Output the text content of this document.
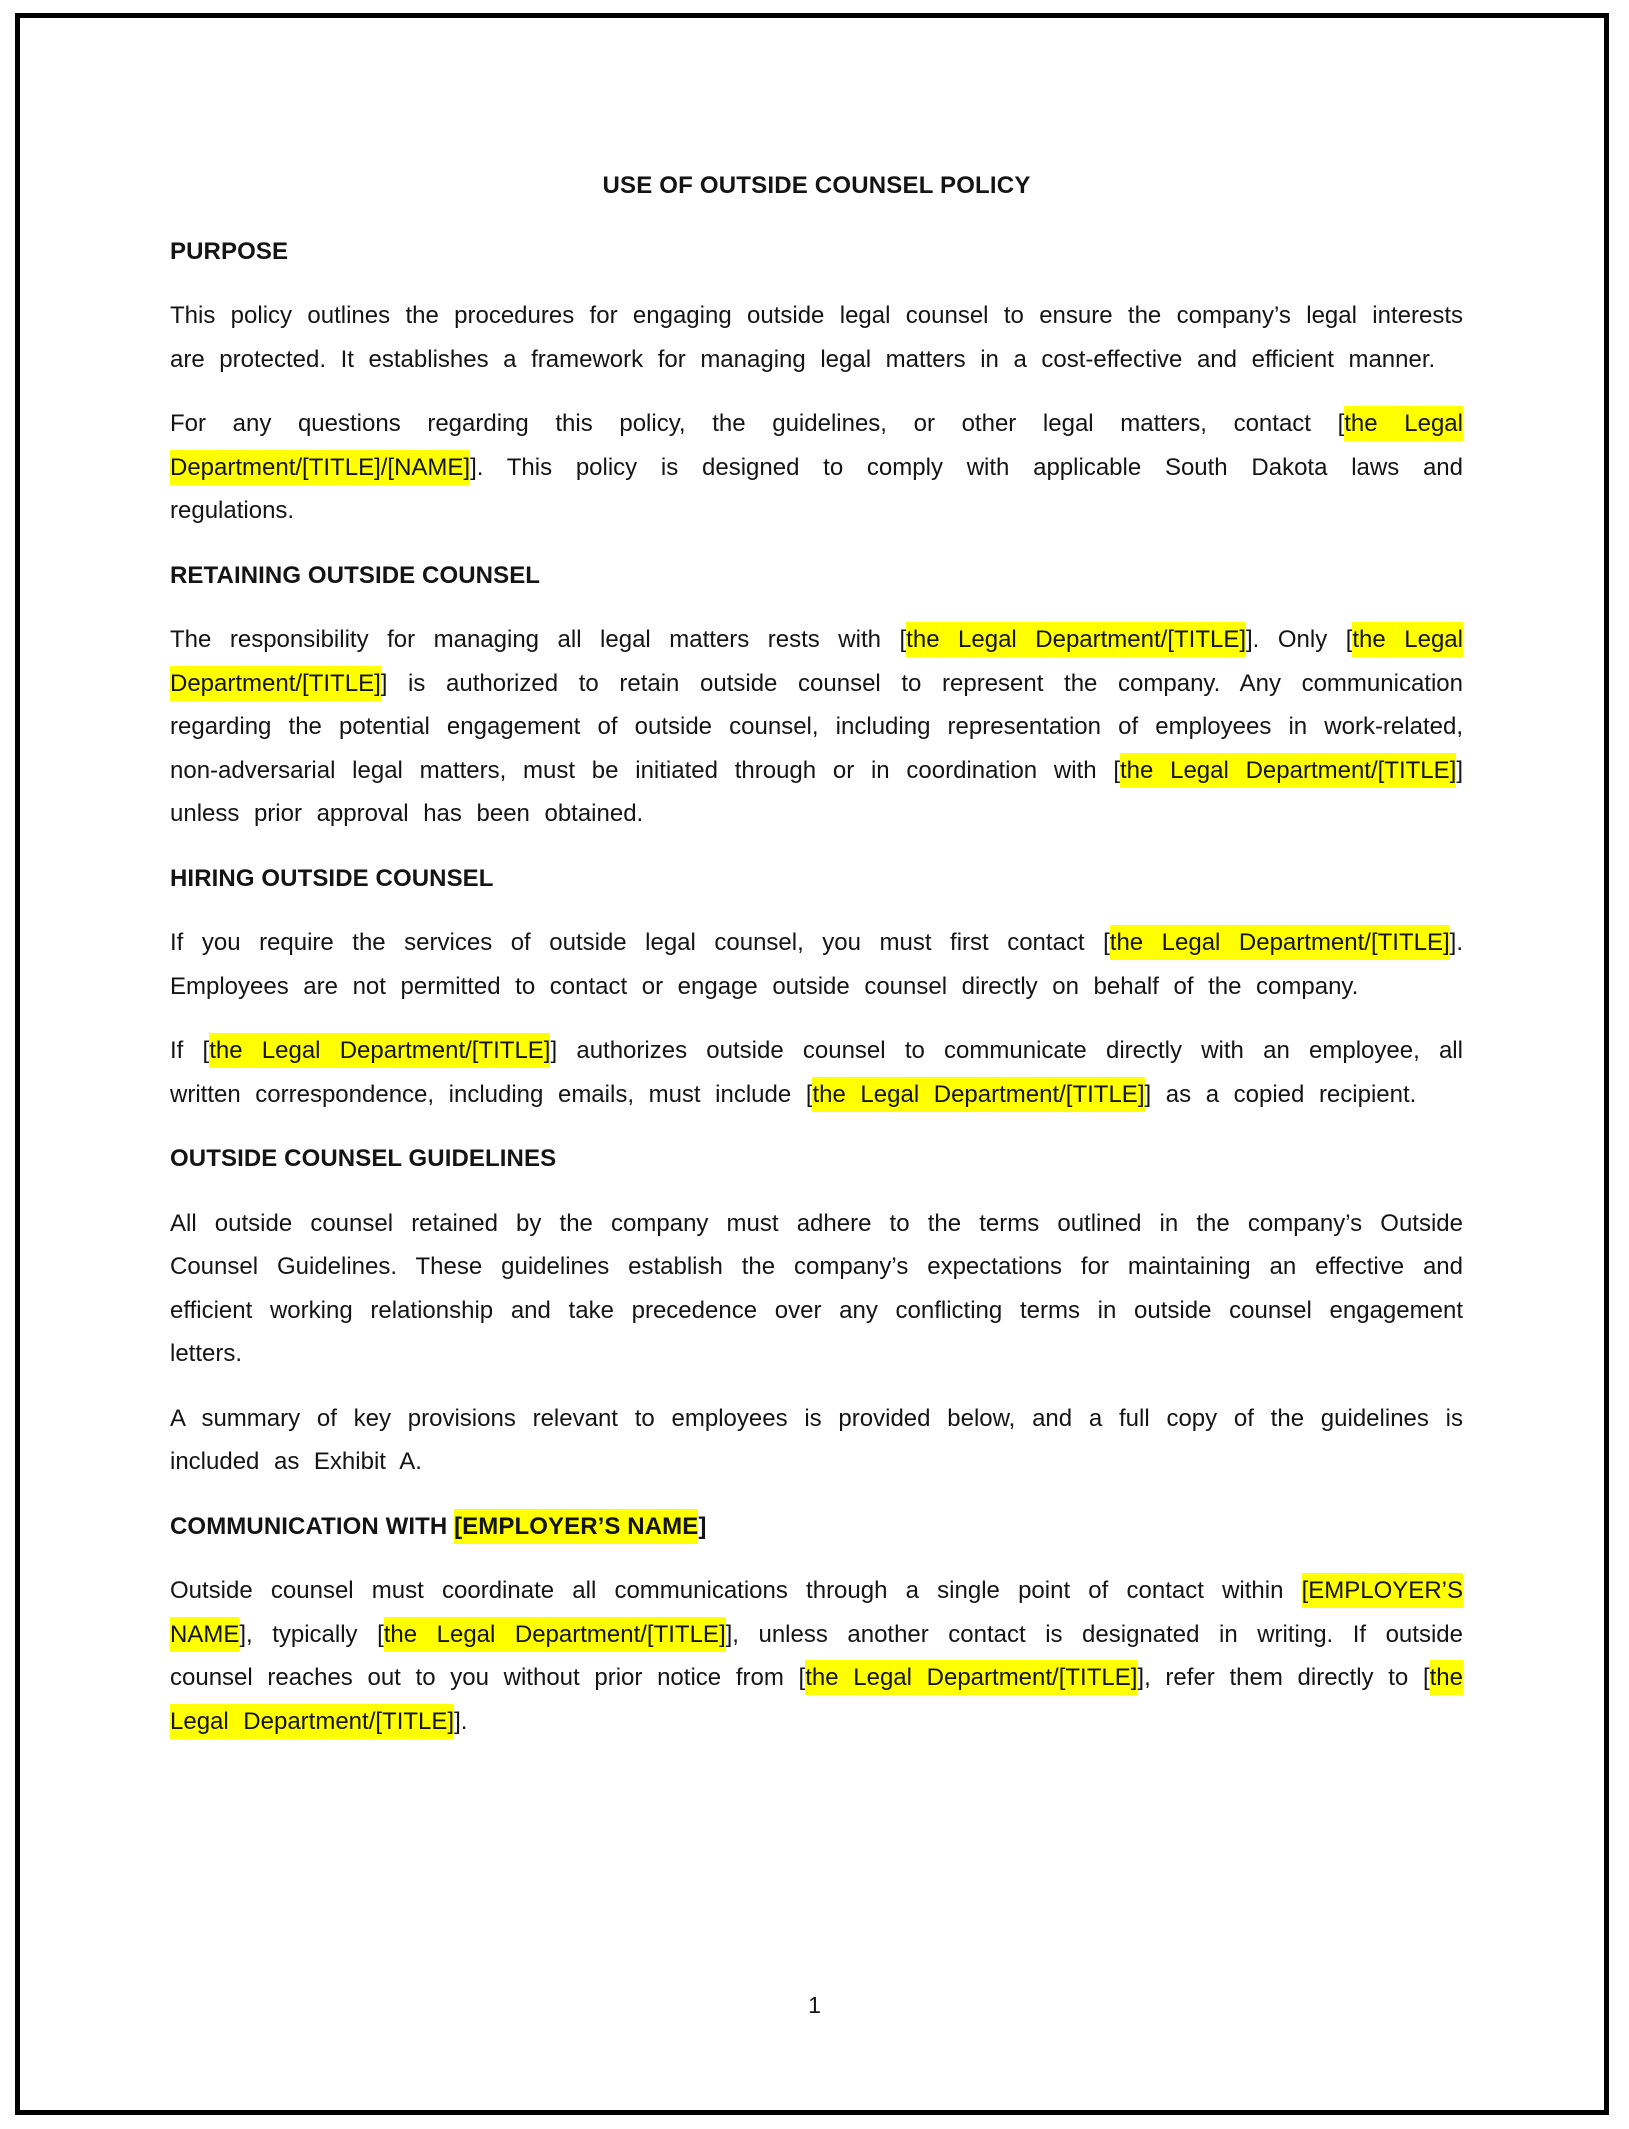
USE OF OUTSIDE COUNSEL POLICY
PURPOSE

This policy outlines the procedures for engaging outside legal counsel to ensure the company’s legal interests are protected. It establishes a framework for managing legal matters in a cost-effective and efficient manner.

For any questions regarding this policy, the guidelines, or other legal matters, contact [the Legal Department/[TITLE]/[NAME]]. This policy is designed to comply with applicable South Dakota laws and regulations.

RETAINING OUTSIDE COUNSEL

The responsibility for managing all legal matters rests with [the Legal Department/[TITLE]]. Only [the Legal Department/[TITLE]] is authorized to retain outside counsel to represent the company. Any communication regarding the potential engagement of outside counsel, including representation of employees in work-related, non-adversarial legal matters, must be initiated through or in coordination with [the Legal Department/[TITLE]] unless prior approval has been obtained.

HIRING OUTSIDE COUNSEL

If you require the services of outside legal counsel, you must first contact [the Legal Department/[TITLE]]. Employees are not permitted to contact or engage outside counsel directly on behalf of the company.

If [the Legal Department/[TITLE]] authorizes outside counsel to communicate directly with an employee, all written correspondence, including emails, must include [the Legal Department/[TITLE]] as a copied recipient.

OUTSIDE COUNSEL GUIDELINES

All outside counsel retained by the company must adhere to the terms outlined in the company’s Outside Counsel Guidelines. These guidelines establish the company’s expectations for maintaining an effective and efficient working relationship and take precedence over any conflicting terms in outside counsel engagement letters.

A summary of key provisions relevant to employees is provided below, and a full copy of the guidelines is included as Exhibit A.

COMMUNICATION WITH [EMPLOYER’S NAME]

Outside counsel must coordinate all communications through a single point of contact within [EMPLOYER’S NAME], typically [the Legal Department/[TITLE]], unless another contact is designated in writing. If outside counsel reaches out to you without prior notice from [the Legal Department/[TITLE]], refer them directly to [the Legal Department/[TITLE]].

1
